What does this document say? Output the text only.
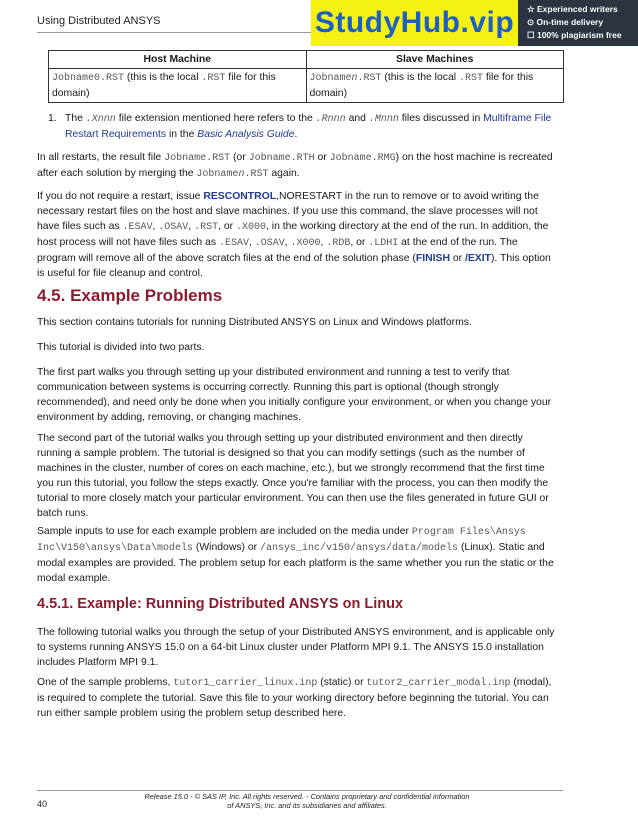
Using Distributed ANSYS	StudyHub.vip	☆ Experienced writers
⊙ On-time delivery
☐ 100% plagiarism free
Host Machine	Slave Machines
Jobname0.RST (this is the local .RST file for this domain)	Jobnamen.RST (this is the local .RST file for this domain)
1. The .Xnnn file extension mentioned here refers to the .Rnnn and .Mnnn files discussed in Multiframe File Restart Requirements in the Basic Analysis Guide.

In all restarts, the result file Jobname.RST (or Jobname.RTH or Jobname.RMG) on the host machine is recreated after each solution by merging the Jobnamen.RST again.

If you do not require a restart, issue RESCONTROL,NORESTART in the run to remove or to avoid writing the necessary restart files on the host and slave machines. If you use this command, the slave processes will not have files such as .ESAV, .OSAV, .RST, or .X000, in the working directory at the end of the run. In addition, the host process will not have files such as .ESAV, .OSAV, .X000, .RDB, or .LDHI at the end of the run. The program will remove all of the above scratch files at the end of the solution phase (FINISH or /EXIT). This option is useful for file cleanup and control.

4.5. Example Problems

This section contains tutorials for running Distributed ANSYS on Linux and Windows platforms.

This tutorial is divided into two parts.

The first part walks you through setting up your distributed environment and running a test to verify that communication between systems is occurring correctly. Running this part is optional (though strongly recommended), and need only be done when you initially configure your environment, or when you change your environment by adding, removing, or changing machines.

The second part of the tutorial walks you through setting up your distributed environment and then directly running a sample problem. The tutorial is designed so that you can modify settings (such as the number of machines in the cluster, number of cores on each machine, etc.), but we strongly recommend that the first time you run this tutorial, you follow the steps exactly. Once you're familiar with the process, you can then modify the tutorial to more closely match your particular environment. You can then use the files generated in future GUI or batch runs.

Sample inputs to use for each example problem are included on the media under Program Files\Ansys Inc\V150\ansys\Data\models (Windows) or /ansys_inc/v150/ansys/data/models (Linux). Static and modal examples are provided. The problem setup for each platform is the same whether you run the static or the modal example.

4.5.1. Example: Running Distributed ANSYS on Linux

The following tutorial walks you through the setup of your Distributed ANSYS environment, and is applicable only to systems running ANSYS 15.0 on a 64-bit Linux cluster under Platform MPI 9.1. The ANSYS 15.0 installation includes Platform MPI 9.1.

One of the sample problems, tutor1_carrier_linux.inp (static) or tutor2_carrier_modal.inp (modal), is required to complete the tutorial. Save this file to your working directory before beginning the tutorial. You can run either sample problem using the problem setup described here.

Release 15.0 - © SAS IP, Inc. All rights reserved. - Contains proprietary and confidential information
of ANSYS, Inc. and its subsidiaries and affiliates.
40
